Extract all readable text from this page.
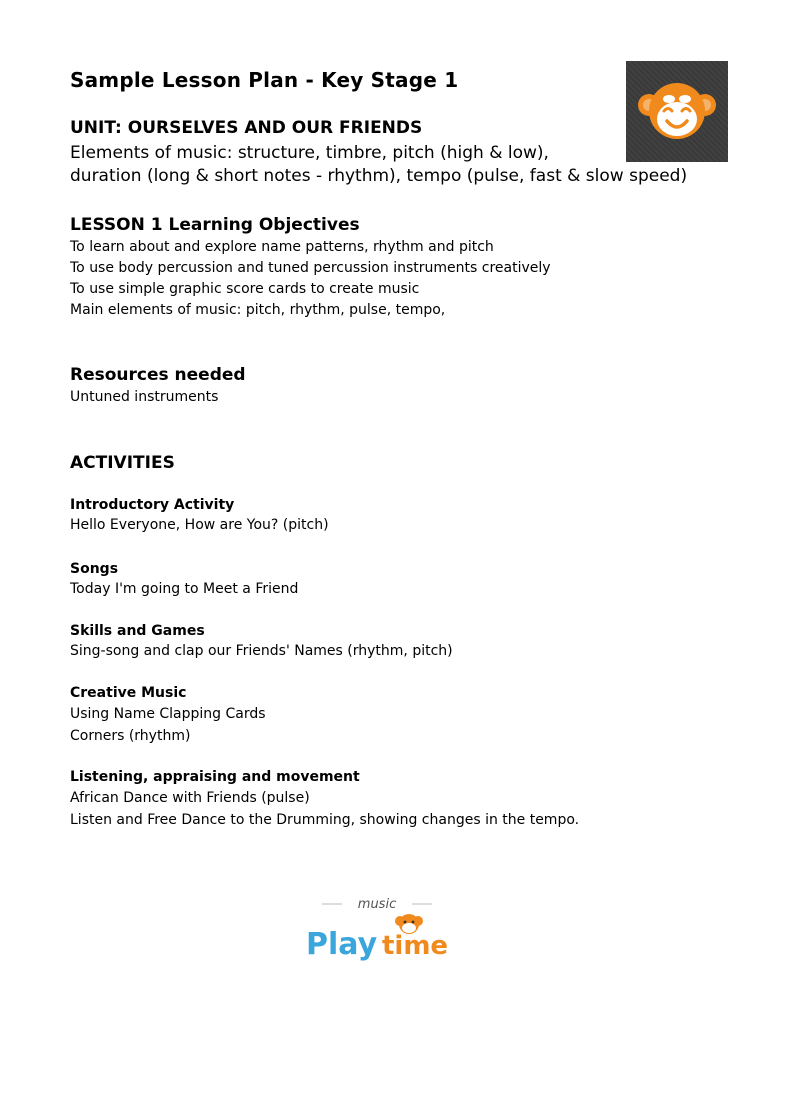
Sample Lesson Plan - Key Stage 1
UNIT: OURSELVES AND OUR FRIENDS
Elements of music: structure, timbre, pitch (high & low),
duration (long & short notes - rhythm), tempo (pulse, fast & slow speed)
LESSON 1 Learning Objectives
To learn about and explore name patterns, rhythm and pitch
To use body percussion and tuned percussion instruments creatively
To use simple graphic score cards to create music
Main elements of music: pitch, rhythm, pulse, tempo,
Resources needed
Untuned instruments
ACTIVITIES
Introductory Activity
Hello Everyone, How are You? (pitch)
Songs
Today I'm going to Meet a Friend
Skills and Games
Sing-song and clap our Friends' Names (rhythm, pitch)
Creative Music
Using Name Clapping Cards
Corners (rhythm)
Listening, appraising and movement
African Dance with Friends (pulse)
Listen and Free Dance to the Drumming, showing changes in the tempo.
music
Play time
